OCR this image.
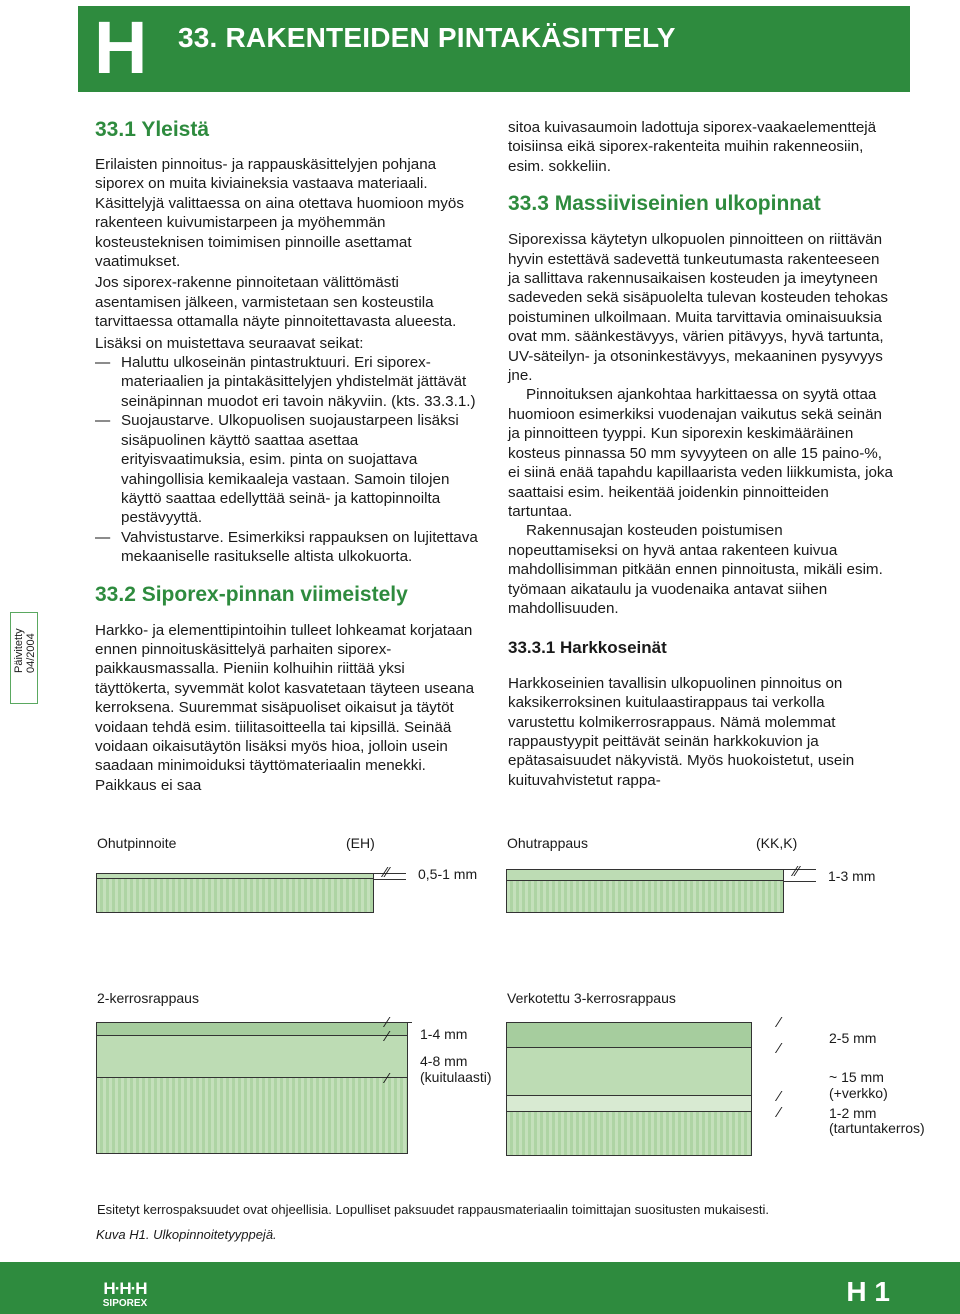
H 33. RAKENTEIDEN PINTAKÄSITTELY
Päivitetty 04/2004
33.1 Yleistä

Erilaisten pinnoitus- ja rappauskäsittelyjen pohjana siporex on muita kiviaineksia vastaava materiaali. Käsittelyjä valittaessa on aina otettava huomioon myös rakenteen kuivumistarpeen ja myöhemmän kosteusteknisen toimimisen pinnoille asettamat vaatimukset.

Jos siporex-rakenne pinnoitetaan välittömästi asentamisen jälkeen, varmistetaan sen kosteustila tarvittaessa ottamalla näyte pinnoitettavasta alueesta.

Lisäksi on muistettava seuraavat seikat:

— Haluttu ulkoseinän pintastruktuuri. Eri siporex-materiaalien ja pintakäsittelyjen yhdistelmät jättävät seinäpinnan muodot eri tavoin näkyviin. (kts. 33.3.1.)

— Suojaustarve. Ulkopuolisen suojaustarpeen lisäksi sisäpuolinen käyttö saattaa asettaa erityisvaatimuksia, esim. pinta on suojattava vahingollisia kemikaaleja vastaan. Samoin tilojen käyttö saattaa edellyttää seinä- ja kattopinnoilta pestävyyttä.

— Vahvistustarve. Esimerkiksi rappauksen on lujitettava mekaaniselle rasitukselle altista ulkokuorta.

33.2 Siporex-pinnan viimeistely

Harkko- ja elementtipintoihin tulleet lohkeamat korjataan ennen pinnoituskäsittelyä parhaiten siporex-paikkausmassalla. Pieniin kolhuihin riittää yksi täyttökerta, syvemmät kolot kasvatetaan täyteen useana kerroksena. Suuremmat sisäpuoliset oikaisut ja täytöt voidaan tehdä esim. tiilitasoitteella tai kipsillä. Seinää voidaan oikaisutäytön lisäksi myös hioa, jolloin usein saadaan minimoiduksi täyttömateriaalin menekki. Paikkaus ei saa

sitoa kuivasaumoin ladottuja siporex-vaakaelementtejä toisiinsa eikä siporex-rakenteita muihin rakenneosiin, esim. sokkeliin.

33.3 Massiiviseinien ulkopinnat

Siporexissa käytetyn ulkopuolen pinnoitteen on riittävän hyvin estettävä sadevettä tunkeutumasta rakenteeseen ja sallittava rakennusaikaisen kosteuden ja imeytyneen sadeveden sekä sisäpuolelta tulevan kosteuden tehokas poistuminen ulkoilmaan. Muita tarvittavia ominaisuuksia ovat mm. säänkestävyys, värien pitävyys, hyvä tartunta, UV-säteilyn- ja otsoninkestävyys, mekaaninen pysyvyys jne.

Pinnoituksen ajankohtaa harkittaessa on syytä ottaa huomioon esimerkiksi vuodenajan vaikutus sekä seinän ja pinnoitteen tyyppi. Kun siporexin keskimääräinen kosteus pinnassa 50 mm syvyyteen on alle 15 paino-%, ei siinä enää tapahdu kapillaarista veden liikkumista, joka saattaisi esim. heikentää joidenkin pinnoitteiden tartuntaa.

Rakennusajan kosteuden poistumisen nopeuttamiseksi on hyvä antaa rakenteen kuivua mahdollisimman pitkään ennen pinnoitusta, mikäli esim. työmaan aikataulu ja vuodenaika antavat siihen mahdollisuuden.

33.3.1 Harkkoseinät

Harkkoseinien tavallisin ulkopuolinen pinnoitus on kaksikerroksinen kuitulaastirappaus tai verkolla varustettu kolmikerrosrappaus. Nämä molemmat rappaustyypit peittävät seinän harkkokuvion ja epätasaisuudet näkyvistä. Myös huokoistetut, usein kuituvahvistetut rappa-

Ohutpinnoite	(EH)
⁄⁄ 0,5-1 mm
Ohutrappaus	(KK,K)
⁄⁄ 1-3 mm
2-kerrosrappaus
⁄
⁄
⁄
1-4 mm
4-8 mm (kuitulaasti)
Verkotettu 3-kerrosrappaus
⁄
⁄
⁄
⁄
2-5 mm
~ 15 mm (+verkko)
1-2 mm (tartuntakerros)
Esitetyt kerrospaksuudet ovat ohjeellisia. Lopulliset paksuudet rappausmateriaalin toimittajan suositusten mukaisesti.
Kuva H1. Ulkopinnoitetyyppejä.
H·H·H
SIPOREX	H 1
